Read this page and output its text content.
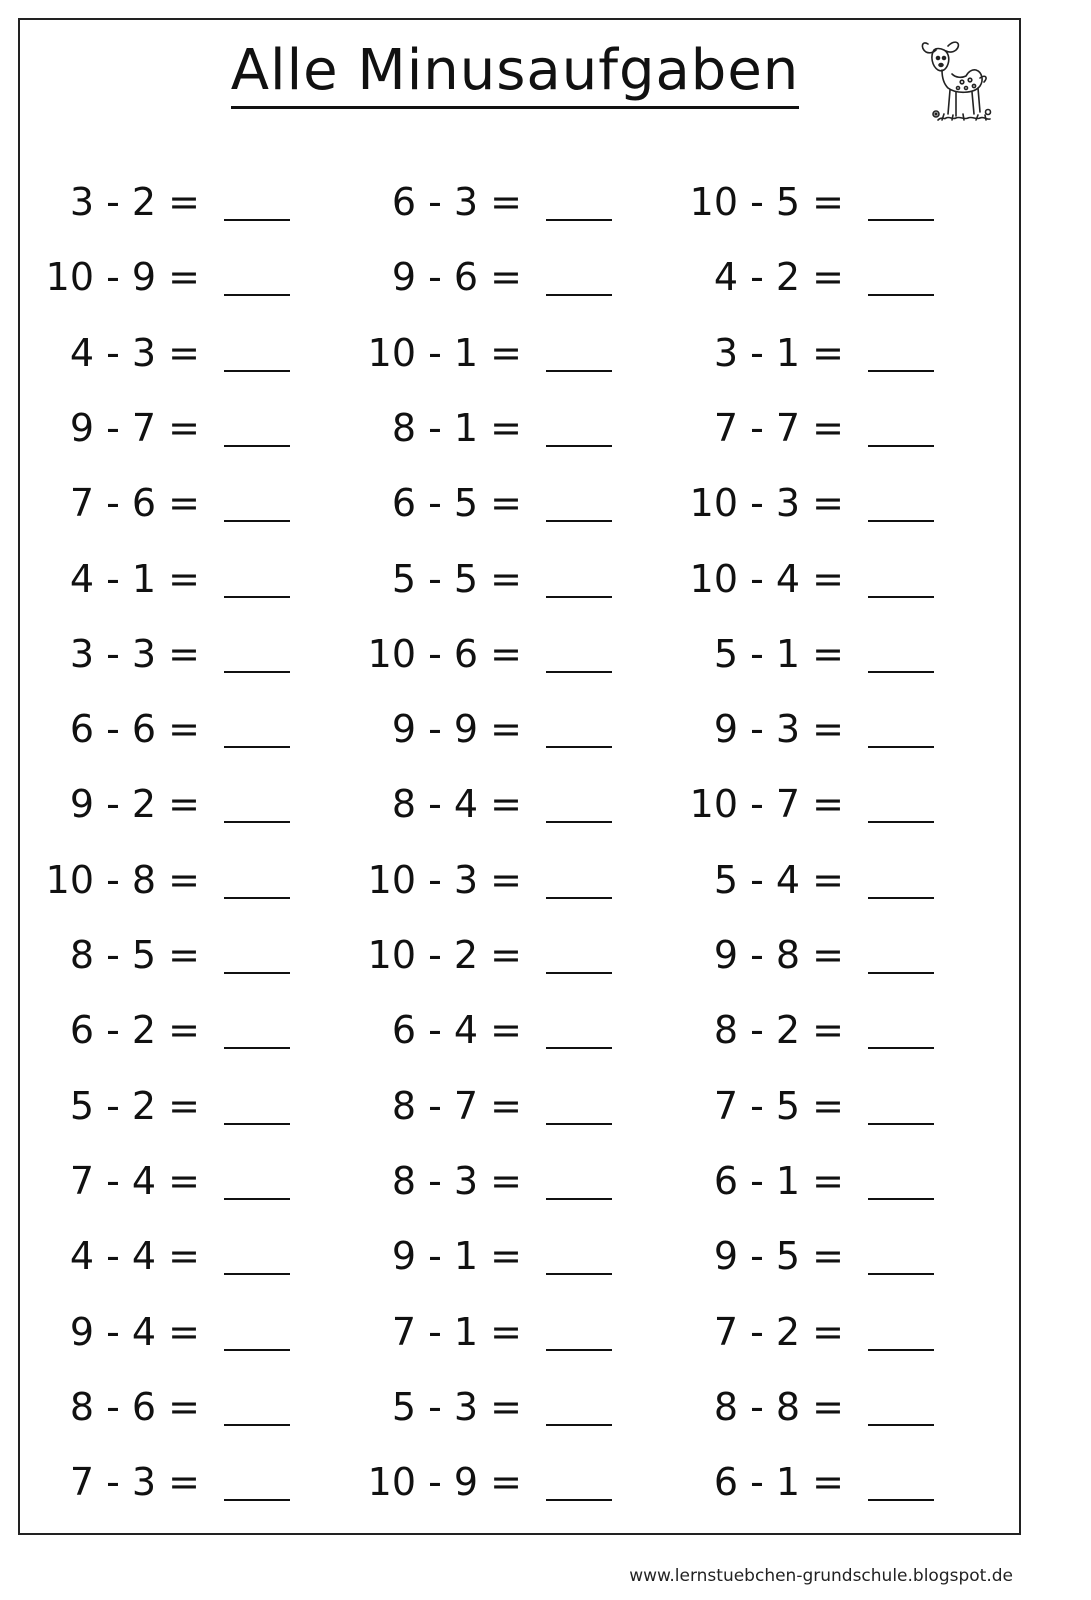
Alle Minusaufgaben
3 - 2 =
10 - 9 =
4 - 3 =
9 - 7 =
7 - 6 =
4 - 1 =
3 - 3 =
6 - 6 =
9 - 2 =
10 - 8 =
8 - 5 =
6 - 2 =
5 - 2 =
7 - 4 =
4 - 4 =
9 - 4 =
8 - 6 =
7 - 3 =
6 - 3 =
9 - 6 =
10 - 1 =
8 - 1 =
6 - 5 =
5 - 5 =
10 - 6 =
9 - 9 =
8 - 4 =
10 - 3 =
10 - 2 =
6 - 4 =
8 - 7 =
8 - 3 =
9 - 1 =
7 - 1 =
5 - 3 =
10 - 9 =
10 - 5 =
4 - 2 =
3 - 1 =
7 - 7 =
10 - 3 =
10 - 4 =
5 - 1 =
9 - 3 =
10 - 7 =
5 - 4 =
9 - 8 =
8 - 2 =
7 - 5 =
6 - 1 =
9 - 5 =
7 - 2 =
8 - 8 =
6 - 1 =

www.lernstuebchen-grundschule.blogspot.de
